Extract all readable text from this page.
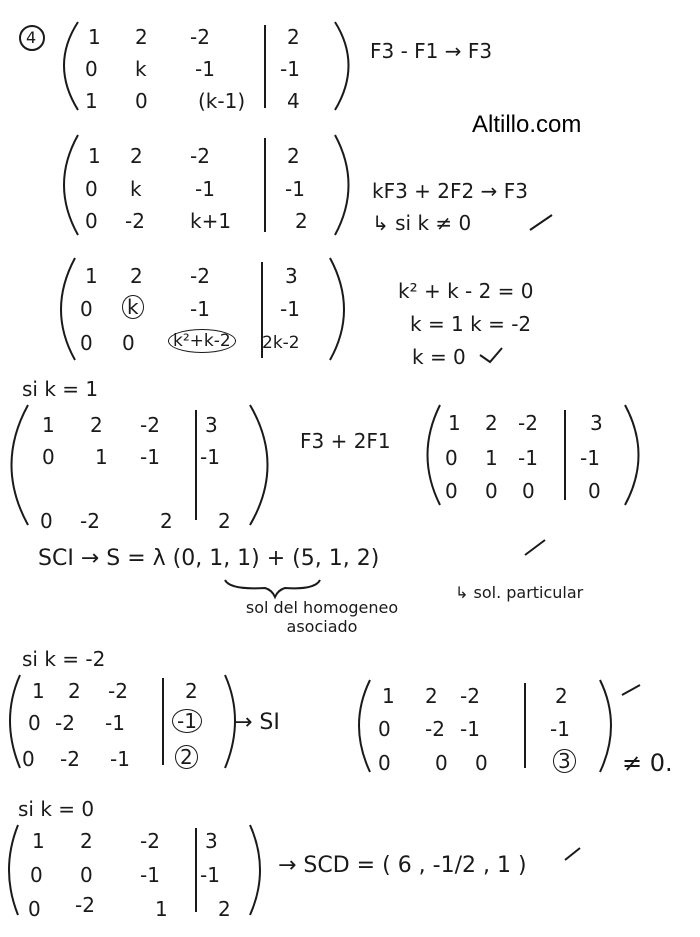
4
Altillo.com
1 2 -2	2
0 k -1	-1
1 0	(k-1) 4
F3 - F1 → F3
1 2 -2	2
0 k	-1	-1
0 -2 k+1	2
kF3 + 2F2 → F3
↳ si k ≠ 0
1 2 -2	3
0 k	-1	-1
0 0 k²+k-2 2k-2
k² + k - 2 = 0
k = 1 k = -2
k = 0
si k = 1
1 2 -2 3
0 1 -1 -1
0 -2	2 2
F3 + 2F1
1 2 -2	3
0 1 -1 -1
0 0 0	0
SCI → S = λ (0, 1, 1) + (5, 1, 2)
sol del homogeneo asociado
↳ sol. particular
si k = -2
1 2 -2	2
0 -2 -1	-1
0 -2 -1	2
→ SI
1 2 -2	2
0 -2 -1	-1
0 0 0	3 ≠ 0.
si k = 0
1 2 -2 3
0 0 -1 -1
0 -2	1	2
→ SCD = ( 6 , -1/2 , 1 )
